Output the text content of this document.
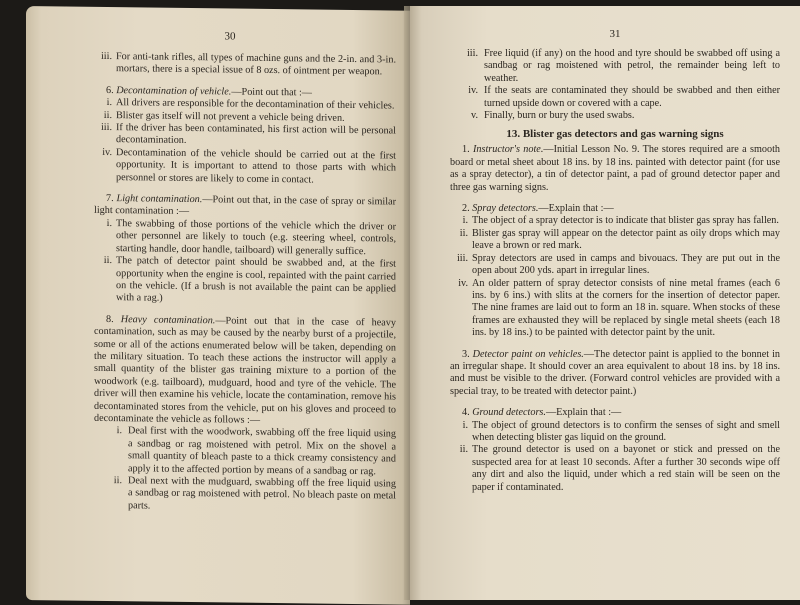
30

iii. For anti-tank rifles, all types of machine guns and the 2-in. and 3-in. mortars, there is a special issue of 8 ozs. of ointment per weapon.

6. Decontamination of vehicle.—Point out that :—

i. All drivers are responsible for the decontamination of their vehicles.

ii. Blister gas itself will not prevent a vehicle being driven.

iii. If the driver has been contaminated, his first action will be personal decontamination.

iv. Decontamination of the vehicle should be carried out at the first opportunity. It is important to attend to those parts with which personnel or stores are likely to come in contact.

7. Light contamination.—Point out that, in the case of spray or similar light contamination :—

i. The swabbing of those portions of the vehicle which the driver or other personnel are likely to touch (e.g. steering wheel, controls, starting handle, door handle, tailboard) will generally suffice.

ii. The patch of detector paint should be swabbed and, at the first opportunity when the engine is cool, repainted with the paint carried on the vehicle. (If a brush is not available the paint can be applied with a rag.)

8. Heavy contamination.—Point out that in the case of heavy contamination, such as may be caused by the nearby burst of a projectile, some or all of the actions enumerated below will be taken, depending on the military situation. To teach these actions the instructor will apply a small quantity of the blister gas training mixture to a portion of the woodwork (e.g. tailboard), mudguard, hood and tyre of the vehicle. The driver will then examine his vehicle, locate the contamination, remove his decontaminated stores from the vehicle, put on his gloves and proceed to decontaminate the vehicle as follows :—

i. Deal first with the woodwork, swabbing off the free liquid using a sandbag or rag moistened with petrol. Mix on the shovel a small quantity of bleach paste to a thick creamy consistency and apply it to the affected portion by means of a sandbag or rag.

ii. Deal next with the mudguard, swabbing off the free liquid using a sandbag or rag moistened with petrol. No bleach paste on metal parts.

31

iii. Free liquid (if any) on the hood and tyre should be swabbed off using a sandbag or rag moistened with petrol, the remainder being left to weather.

iv. If the seats are contaminated they should be swabbed and then either turned upside down or covered with a cape.

v. Finally, burn or bury the used swabs.

13. Blister gas detectors and gas warning signs

1. Instructor's note.—Initial Lesson No. 9. The stores required are a smooth board or metal sheet about 18 ins. by 18 ins. painted with detector paint (for use as a spray detector), a tin of detector paint, a pad of ground detector paper and three gas warning signs.

2. Spray detectors.—Explain that :—

i. The object of a spray detector is to indicate that blister gas spray has fallen.

ii. Blister gas spray will appear on the detector paint as oily drops which may leave a brown or red mark.

iii. Spray detectors are used in camps and bivouacs. They are put out in the open about 200 yds. apart in irregular lines.

iv. An older pattern of spray detector consists of nine metal frames (each 6 ins. by 6 ins.) with slits at the corners for the insertion of detector paper. The nine frames are laid out to form an 18 in. square. When stocks of these frames are exhausted they will be replaced by single metal sheets (each 18 ins. by 18 ins.) to be painted with detector paint by the unit.

3. Detector paint on vehicles.—The detector paint is applied to the bonnet in an irregular shape. It should cover an area equivalent to about 18 ins. by 18 ins. and must be visible to the driver. (Forward control vehicles are provided with a special tray, to be treated with detector paint.)

4. Ground detectors.—Explain that :—

i. The object of ground detectors is to confirm the senses of sight and smell when detecting blister gas liquid on the ground.

ii. The ground detector is used on a bayonet or stick and pressed on the suspected area for at least 10 seconds. After a further 30 seconds wipe off any dirt and also the liquid, under which a red stain will be seen on the paper if contaminated.
